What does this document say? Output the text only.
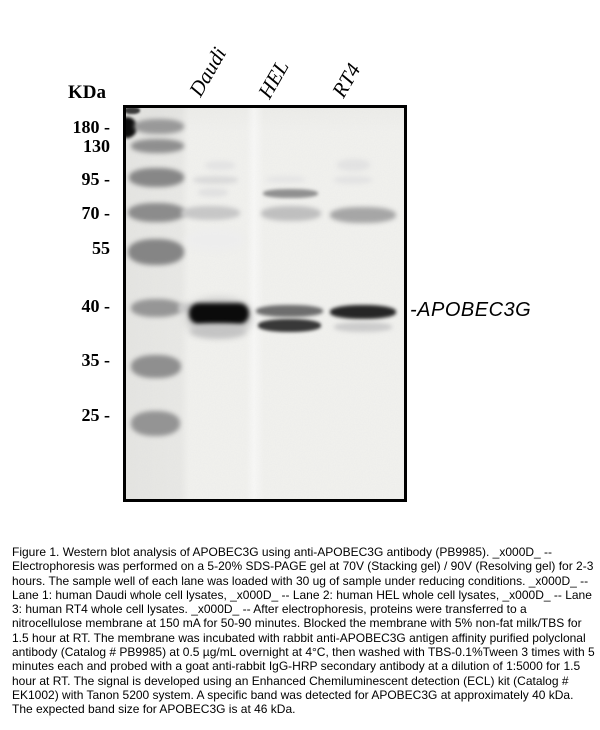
KDa
180 -
130
95 -
70 -
55
40 -
35 -
25 -
Daudi HEL RT4
-APOBEC3G
Figure 1. Western blot analysis of APOBEC3G using anti-APOBEC3G antibody (PB9985). _x000D_ -- Electrophoresis was performed on a 5-20% SDS-PAGE gel at 70V (Stacking gel) / 90V (Resolving gel) for 2-3 hours. The sample well of each lane was loaded with 30 ug of sample under reducing conditions. _x000D_ -- Lane 1: human Daudi whole cell lysates, _x000D_ -- Lane 2: human HEL whole cell lysates, _x000D_ -- Lane 3: human RT4 whole cell lysates. _x000D_ -- After electrophoresis, proteins were transferred to a nitrocellulose membrane at 150 mA for 50-90 minutes. Blocked the membrane with 5% non-fat milk/TBS for 1.5 hour at RT. The membrane was incubated with rabbit anti-APOBEC3G antigen affinity purified polyclonal antibody (Catalog # PB9985) at 0.5 µg/mL overnight at 4°C, then washed with TBS-0.1%Tween 3 times with 5 minutes each and probed with a goat anti-rabbit IgG-HRP secondary antibody at a dilution of 1:5000 for 1.5 hour at RT. The signal is developed using an Enhanced Chemiluminescent detection (ECL) kit (Catalog # EK1002) with Tanon 5200 system. A specific band was detected for APOBEC3G at approximately 40 kDa. The expected band size for APOBEC3G is at 46 kDa.
